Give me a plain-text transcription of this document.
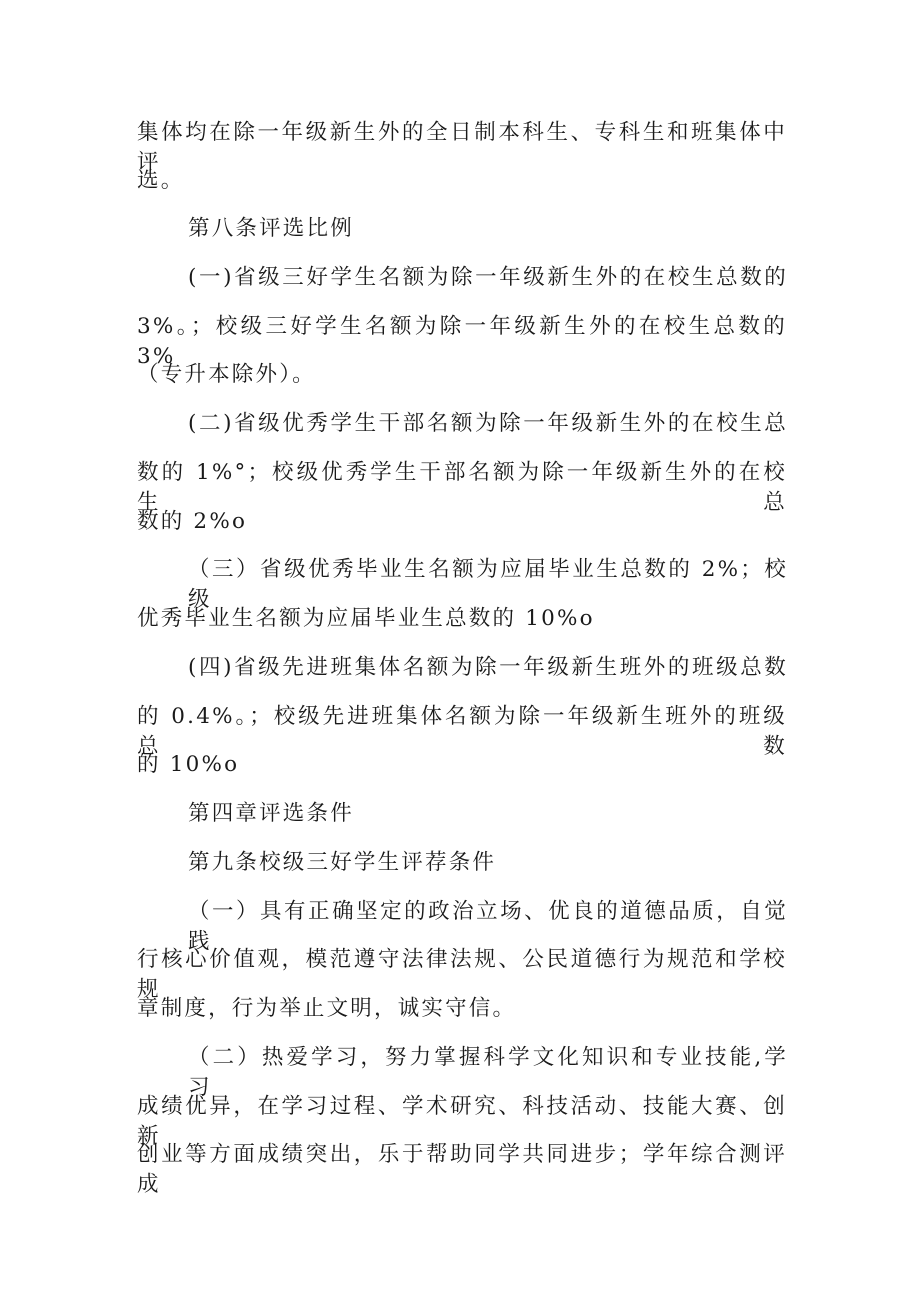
集体均在除一年级新生外的全日制本科生、专科生和班集体中评
选。
第八条评选比例
(一)省级三好学生名额为除一年级新生外的在校生总数的
3%。；校级三好学生名额为除一年级新生外的在校生总数的 3%
（专升本除外）。
(二)省级优秀学生干部名额为除一年级新生外的在校生总
数的 1%°；校级优秀学生干部名额为除一年级新生外的在校生总
数的 2%o
（三）省级优秀毕业生名额为应届毕业生总数的 2%；校级
优秀毕业生名额为应届毕业生总数的 10%o
(四)省级先进班集体名额为除一年级新生班外的班级总数
的 0.4%。；校级先进班集体名额为除一年级新生班外的班级总数
的 10%o
第四章评选条件
第九条校级三好学生评荐条件
（一）具有正确坚定的政治立场、优良的道德品质，自觉践
行核心价值观，模范遵守法律法规、公民道德行为规范和学校规
章制度，行为举止文明，诚实守信。
（二）热爱学习，努力掌握科学文化知识和专业技能,学习
成绩优异，在学习过程、学术研究、科技活动、技能大赛、创新
创业等方面成绩突出，乐于帮助同学共同进步；学年综合测评成
